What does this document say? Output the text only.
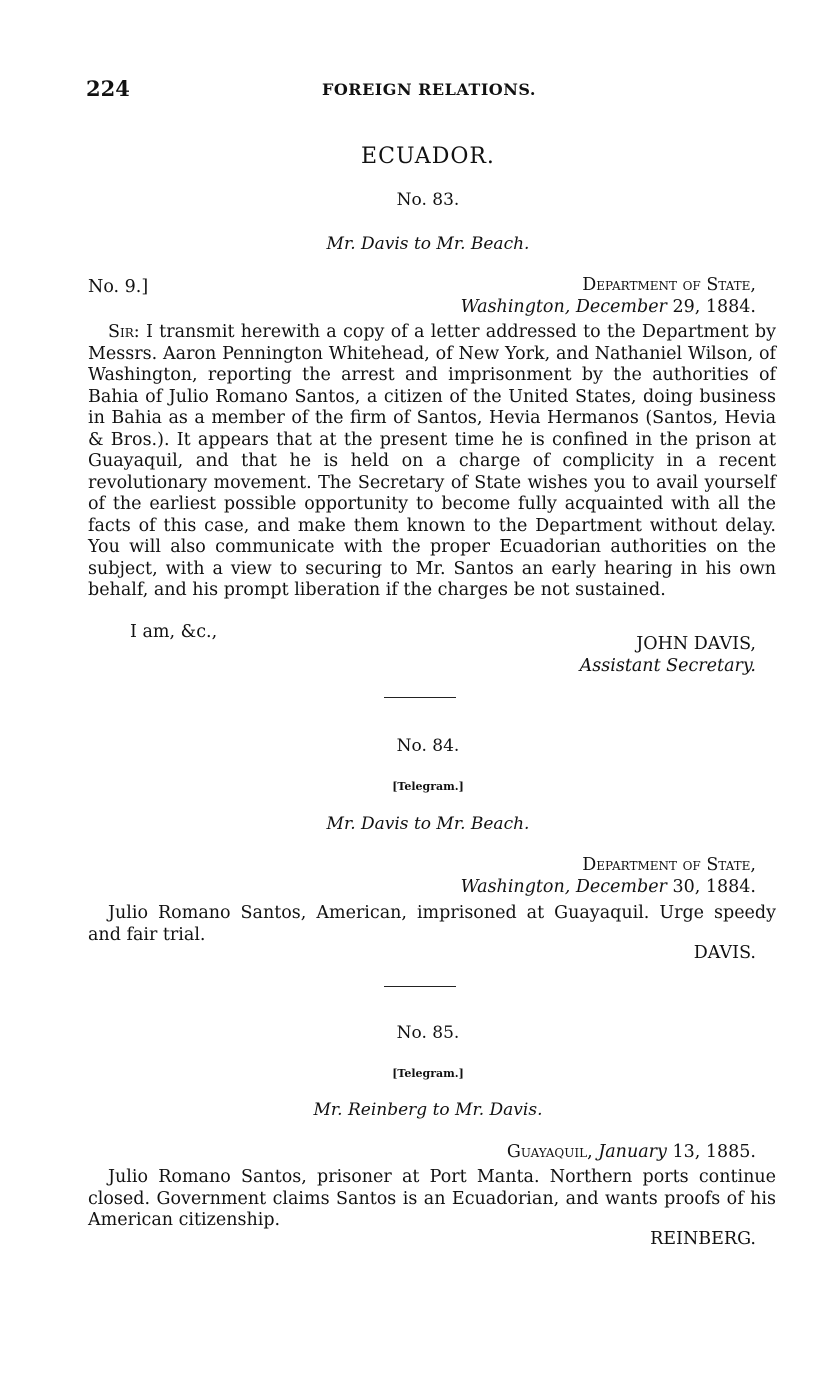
224	FOREIGN RELATIONS.
ECUADOR.
No. 83.
Mr. Davis to Mr. Beach.
No. 9.]	Department of State,
Washington, December 29, 1884.

Sir: I transmit herewith a copy of a letter addressed to the Department by Messrs. Aaron Pennington Whitehead, of New York, and Nathaniel Wilson, of Washington, reporting the arrest and imprisonment by the authorities of Bahia of Julio Romano Santos, a citizen of the United States, doing business in Bahia as a member of the firm of Santos, Hevia Hermanos (Santos, Hevia & Bros.). It appears that at the present time he is confined in the prison at Guayaquil, and that he is held on a charge of complicity in a recent revolutionary movement. The Secretary of State wishes you to avail yourself of the earliest possible opportunity to become fully acquainted with all the facts of this case, and make them known to the Department without delay. You will also communicate with the proper Ecuadorian authorities on the subject, with a view to securing to Mr. Santos an early hearing in his own behalf, and his prompt liberation if the charges be not sustained.

I am, &c.,
JOHN DAVIS,
Assistant Secretary.
No. 84.
[Telegram.]
Mr. Davis to Mr. Beach.
Department of State,
Washington, December 30, 1884.

Julio Romano Santos, American, imprisoned at Guayaquil. Urge speedy and fair trial.

DAVIS.
No. 85.
[Telegram.]
Mr. Reinberg to Mr. Davis.
Guayaquil, January 13, 1885.

Julio Romano Santos, prisoner at Port Manta. Northern ports continue closed. Government claims Santos is an Ecuadorian, and wants proofs of his American citizenship.

REINBERG.
